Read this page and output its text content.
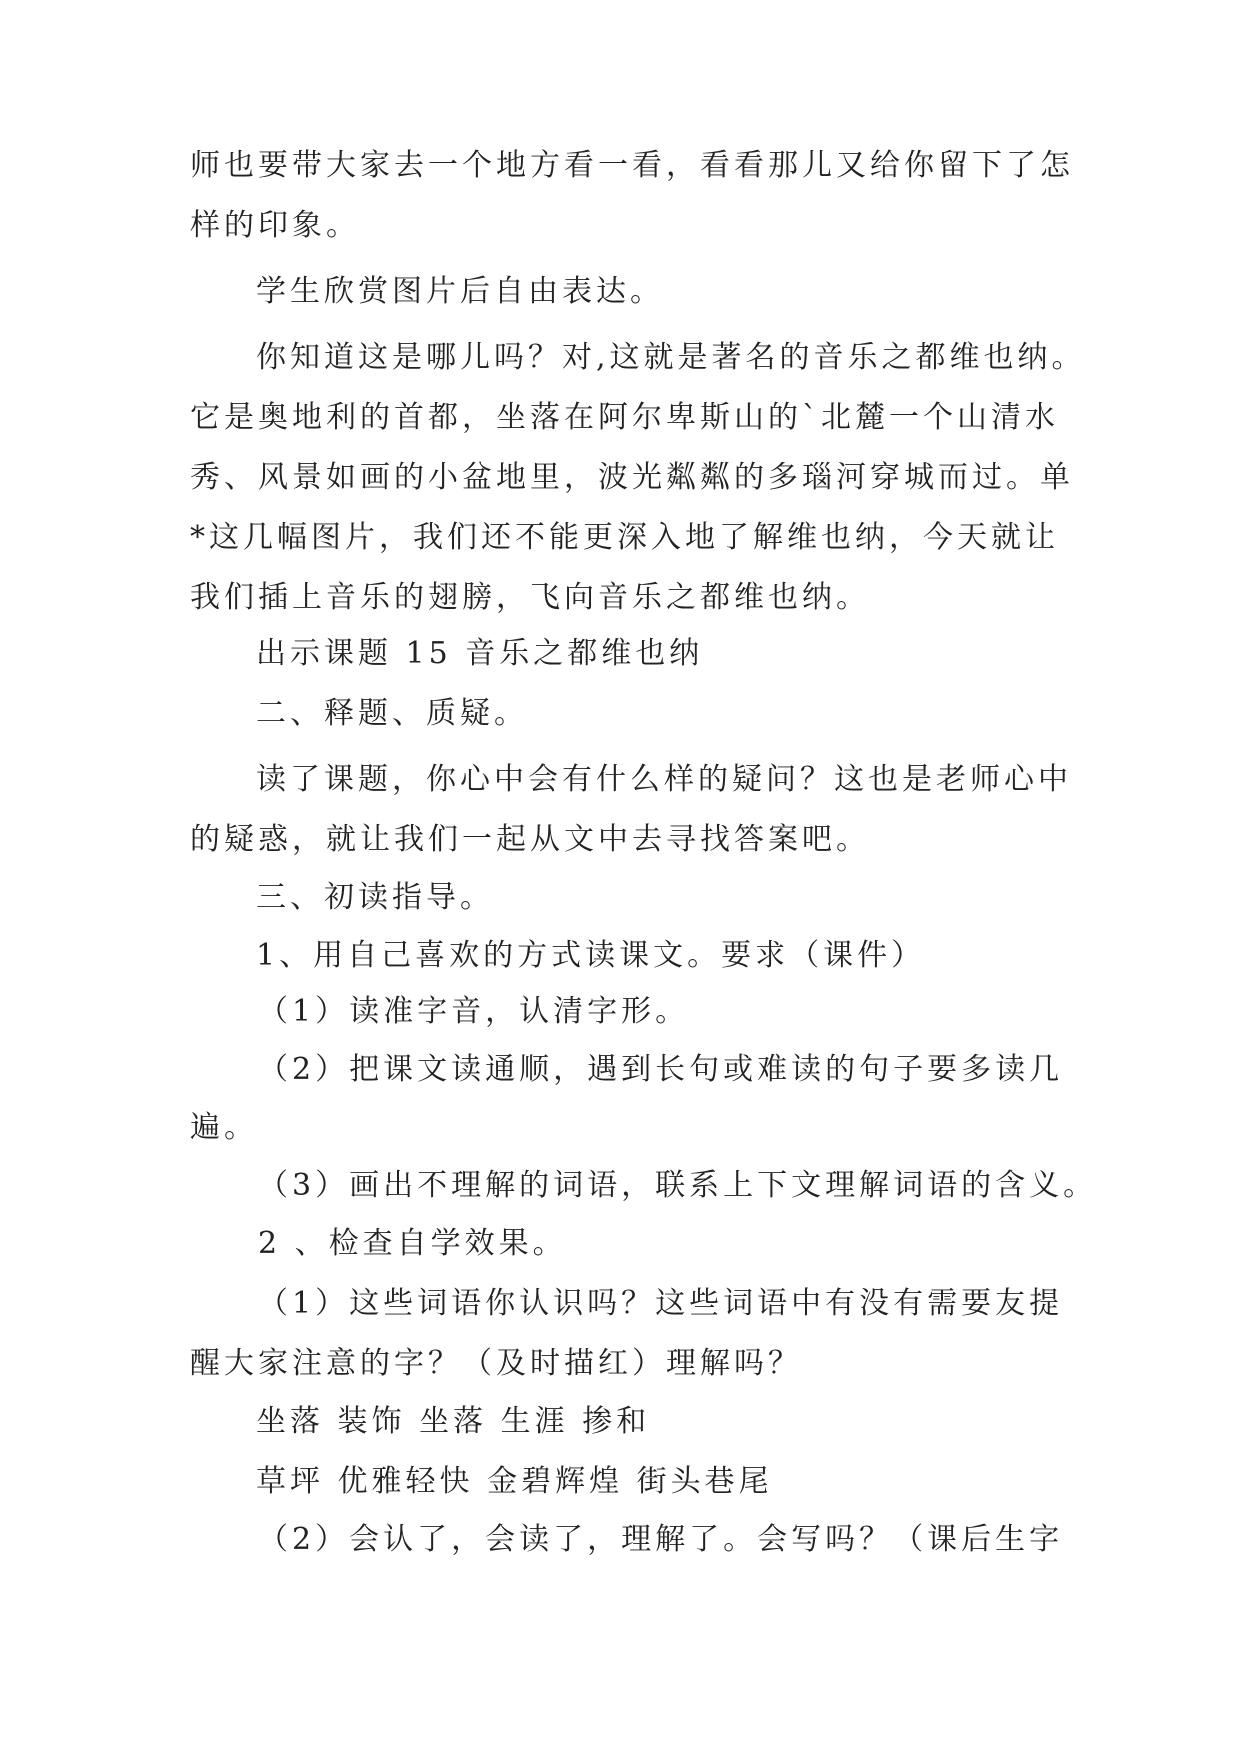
师也要带大家去一个地方看一看，看看那儿又给你留下了怎
样的印象。
学生欣赏图片后自由表达。
你知道这是哪儿吗？对,这就是著名的音乐之都维也纳。
它是奥地利的首都，坐落在阿尔卑斯山的`北麓一个山清水
秀、风景如画的小盆地里，波光粼粼的多瑙河穿城而过。单
*这几幅图片，我们还不能更深入地了解维也纳，今天就让
我们插上音乐的翅膀，飞向音乐之都维也纳。
出示课题 15 音乐之都维也纳
二、释题、质疑。
读了课题，你心中会有什么样的疑问？这也是老师心中
的疑惑，就让我们一起从文中去寻找答案吧。
三、初读指导。
1、用自己喜欢的方式读课文。要求（课件）
（1）读准字音，认清字形。
（2）把课文读通顺，遇到长句或难读的句子要多读几
遍。
（3）画出不理解的词语，联系上下文理解词语的含义。
2 、检查自学效果。
（1）这些词语你认识吗？这些词语中有没有需要友提
醒大家注意的字？（及时描红）理解吗？
坐落 装饰 坐落 生涯 掺和
草坪 优雅轻快 金碧辉煌 街头巷尾
（2）会认了，会读了，理解了。会写吗？（课后生字
